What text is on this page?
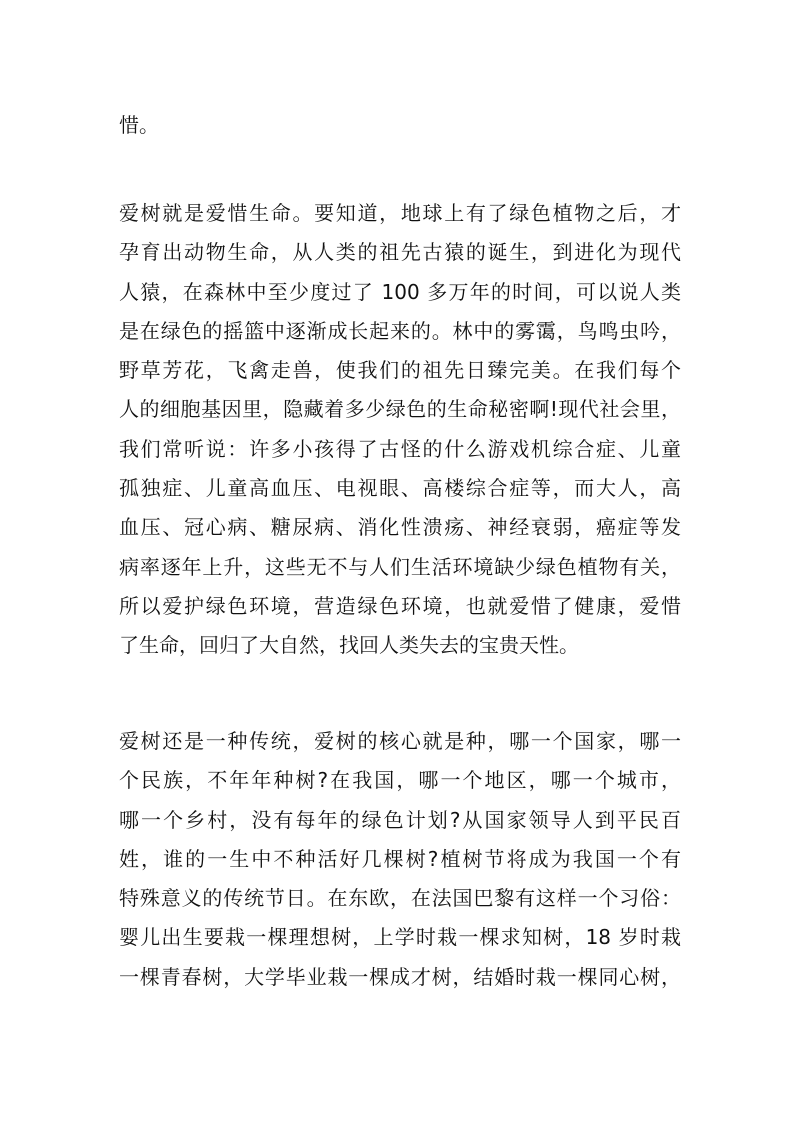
惜。
爱树就是爱惜生命。要知道，地球上有了绿色植物之后，才
孕育出动物生命，从人类的祖先古猿的诞生，到进化为现代
人猿，在森林中至少度过了 100 多万年的时间，可以说人类
是在绿色的摇篮中逐渐成长起来的。林中的雾霭，鸟鸣虫吟，
野草芳花，飞禽走兽，使我们的祖先日臻完美。在我们每个
人的细胞基因里，隐藏着多少绿色的生命秘密啊!现代社会里，
我们常听说：许多小孩得了古怪的什么游戏机综合症、儿童
孤独症、儿童高血压、电视眼、高楼综合症等，而大人，高
血压、冠心病、糖尿病、消化性溃疡、神经衰弱，癌症等发
病率逐年上升，这些无不与人们生活环境缺少绿色植物有关，
所以爱护绿色环境，营造绿色环境，也就爱惜了健康，爱惜
了生命，回归了大自然，找回人类失去的宝贵天性。
爱树还是一种传统，爱树的核心就是种，哪一个国家，哪一
个民族，不年年种树?在我国，哪一个地区，哪一个城市，
哪一个乡村，没有每年的绿色计划?从国家领导人到平民百
姓，谁的一生中不种活好几棵树?植树节将成为我国一个有
特殊意义的传统节日。在东欧，在法国巴黎有这样一个习俗：
婴儿出生要栽一棵理想树，上学时栽一棵求知树，18 岁时栽
一棵青春树，大学毕业栽一棵成才树，结婚时栽一棵同心树，
